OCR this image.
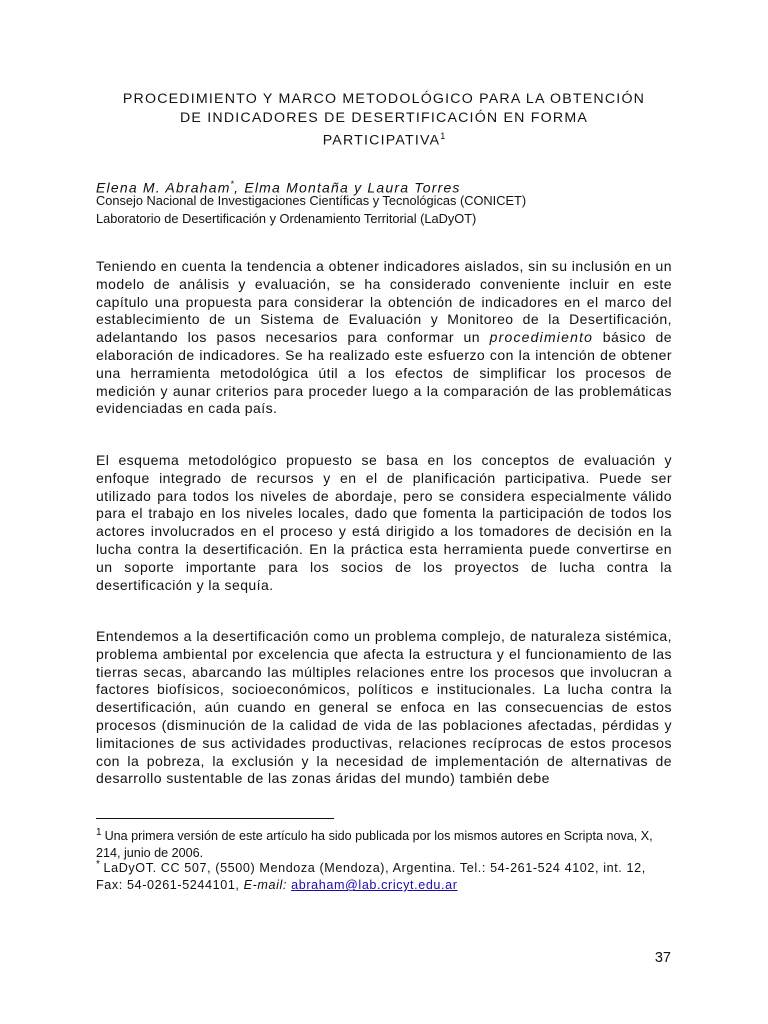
PROCEDIMIENTO Y MARCO METODOLÓGICO PARA LA OBTENCIÓN
DE INDICADORES DE DESERTIFICACIÓN EN FORMA
PARTICIPATIVA$^1$
Elena M. Abraham*, Elma Montaña y Laura Torres
Consejo Nacional de Investigaciones Científicas y Tecnológicas (CONICET)
Laboratorio de Desertificación y Ordenamiento Territorial (LaDyOT)
Teniendo en cuenta la tendencia a obtener indicadores aislados, sin su inclusión en un modelo de análisis y evaluación, se ha considerado conveniente incluir en este capítulo una propuesta para considerar la obtención de indicadores en el marco del establecimiento de un Sistema de Evaluación y Monitoreo de la Desertificación, adelantando los pasos necesarios para conformar un procedimiento básico de elaboración de indicadores. Se ha realizado este esfuerzo con la intención de obtener una herramienta metodológica útil a los efectos de simplificar los procesos de medición y aunar criterios para proceder luego a la comparación de las problemáticas evidenciadas en cada país.
El esquema metodológico propuesto se basa en los conceptos de evaluación y enfoque integrado de recursos y en el de planificación participativa. Puede ser utilizado para todos los niveles de abordaje, pero se considera especialmente válido para el trabajo en los niveles locales, dado que fomenta la participación de todos los actores involucrados en el proceso y está dirigido a los tomadores de decisión en la lucha contra la desertificación. En la práctica esta herramienta puede convertirse en un soporte importante para los socios de los proyectos de lucha contra la desertificación y la sequía.
Entendemos a la desertificación como un problema complejo, de naturaleza sistémica, problema ambiental por excelencia que afecta la estructura y el funcionamiento de las tierras secas, abarcando las múltiples relaciones entre los procesos que involucran a factores biofísicos, socioeconómicos, políticos e institucionales. La lucha contra la desertificación, aún cuando en general se enfoca en las consecuencias de estos procesos (disminución de la calidad de vida de las poblaciones afectadas, pérdidas y limitaciones de sus actividades productivas, relaciones recíprocas de estos procesos con la pobreza, la exclusión y la necesidad de implementación de alternativas de desarrollo sustentable de las zonas áridas del mundo) también debe
$^1$ Una primera versión de este artículo ha sido publicada por los mismos autores en Scripta nova, X, 214, junio de 2006.
* LaDyOT. CC 507, (5500) Mendoza (Mendoza), Argentina. Tel.: 54-261-524 4102, int. 12, Fax: 54-0261-5244101, E-mail: abraham@lab.cricyt.edu.ar
37
